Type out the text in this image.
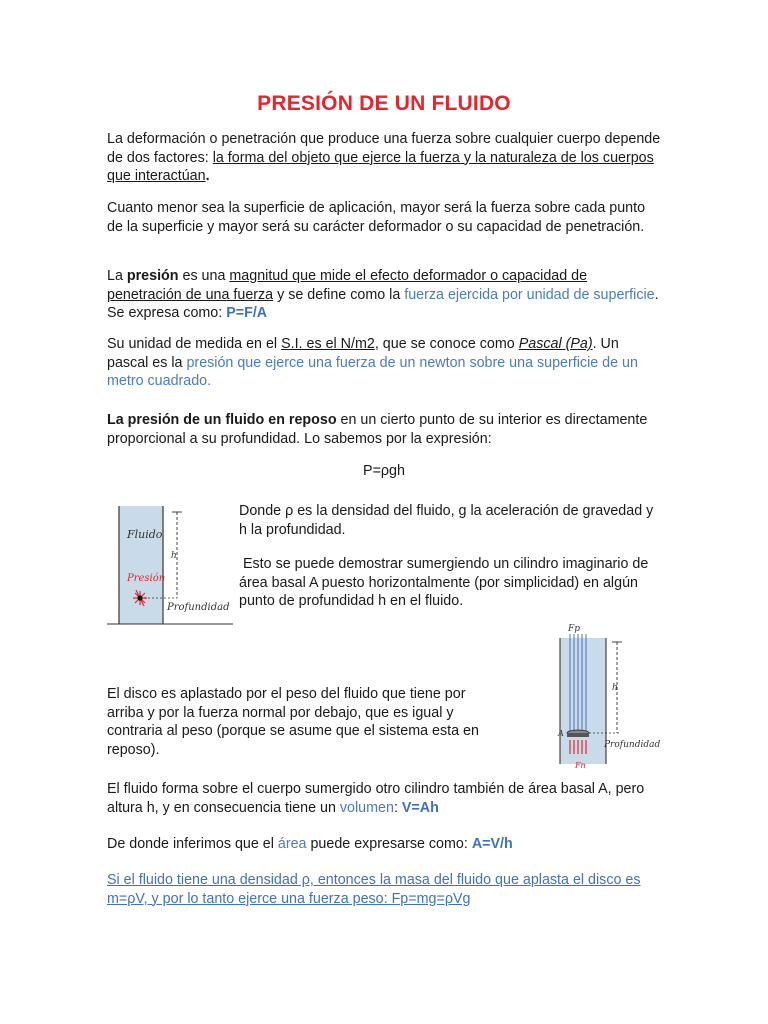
PRESIÓN DE UN FLUIDO

La deformación o penetración que produce una fuerza sobre cualquier cuerpo depende de dos factores: la forma del objeto que ejerce la fuerza y la naturaleza de los cuerpos que interactúan.

Cuanto menor sea la superficie de aplicación, mayor será la fuerza sobre cada punto de la superficie y mayor será su carácter deformador o su capacidad de penetración.

La presión es una magnitud que mide el efecto deformador o capacidad de penetración de una fuerza y se define como la fuerza ejercida por unidad de superficie. Se expresa como: P=F/A

Su unidad de medida en el S.I. es el N/m2, que se conoce como Pascal (Pa). Un pascal es la presión que ejerce una fuerza de un newton sobre una superficie de un metro cuadrado.

La presión de un fluido en reposo en un cierto punto de su interior es directamente proporcional a su profundidad. Lo sabemos por la expresión:

P=ρgh
Fluido
Presión
h
Profundidad

Donde ρ es la densidad del fluido, g la aceleración de gravedad y h la profundidad.

Esto se puede demostrar sumergiendo un cilindro imaginario de área basal A puesto horizontalmente (por simplicidad) en algún punto de profundidad h en el fluido.

Fp
Fn
A
h
Profundidad

El disco es aplastado por el peso del fluido que tiene por arriba y por la fuerza normal por debajo, que es igual y contraria al peso (porque se asume que el sistema esta en reposo).

El fluido forma sobre el cuerpo sumergido otro cilindro también de área basal A, pero altura h, y en consecuencia tiene un volumen: V=Ah

De donde inferimos que el área puede expresarse como: A=V/h

Si el fluido tiene una densidad ρ, entonces la masa del fluido que aplasta el disco es m=ρV, y por lo tanto ejerce una fuerza peso: Fp=mg=ρVg
